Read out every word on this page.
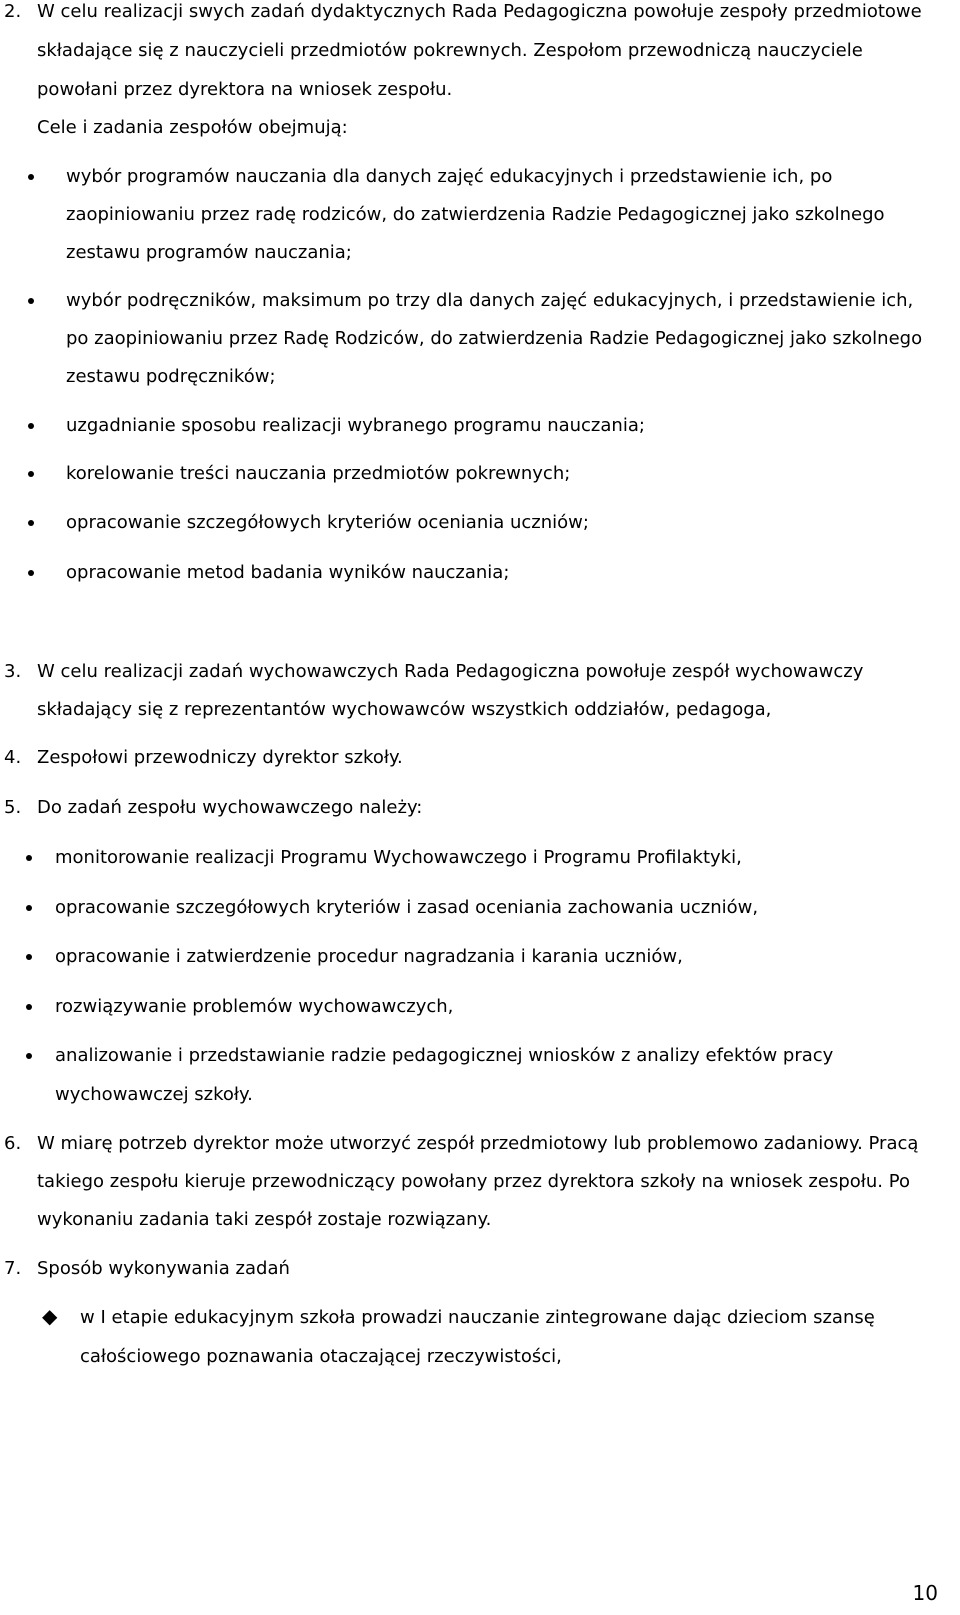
2. W celu realizacji swych zadań dydaktycznych Rada Pedagogiczna powołuje zespoły przedmiotowe
składające się z nauczycieli przedmiotów pokrewnych. Zespołom przewodniczą nauczyciele
powołani przez dyrektora na wniosek zespołu.
Cele i zadania zespołów obejmują:
wybór programów nauczania dla danych zajęć edukacyjnych i przedstawienie ich, po
zaopiniowaniu przez radę rodziców, do zatwierdzenia Radzie Pedagogicznej jako szkolnego
zestawu programów nauczania;
wybór podręczników, maksimum po trzy dla danych zajęć edukacyjnych, i przedstawienie ich,
po zaopiniowaniu przez Radę Rodziców, do zatwierdzenia Radzie Pedagogicznej jako szkolnego
zestawu podręczników;
uzgadnianie sposobu realizacji wybranego programu nauczania;
korelowanie treści nauczania przedmiotów pokrewnych;
opracowanie szczegółowych kryteriów oceniania uczniów;
opracowanie metod badania wyników nauczania;
3. W celu realizacji zadań wychowawczych Rada Pedagogiczna powołuje zespół wychowawczy
składający się z reprezentantów wychowawców wszystkich oddziałów, pedagoga,
4. Zespołowi przewodniczy dyrektor szkoły.
5. Do zadań zespołu wychowawczego należy:
monitorowanie realizacji Programu Wychowawczego i Programu Profilaktyki,
opracowanie szczegółowych kryteriów i zasad oceniania zachowania uczniów,
opracowanie i zatwierdzenie procedur nagradzania i karania uczniów,
rozwiązywanie problemów wychowawczych,
analizowanie i przedstawianie radzie pedagogicznej wniosków z analizy efektów pracy
wychowawczej szkoły.
6. W miarę potrzeb dyrektor może utworzyć zespół przedmiotowy lub problemowo zadaniowy. Pracą
takiego zespołu kieruje przewodniczący powołany przez dyrektora szkoły na wniosek zespołu. Po
wykonaniu zadania taki zespół zostaje rozwiązany.
7. Sposób wykonywania zadań
◆ w I etapie edukacyjnym szkoła prowadzi nauczanie zintegrowane dając dzieciom szansę
całościowego poznawania otaczającej rzeczywistości,
10
